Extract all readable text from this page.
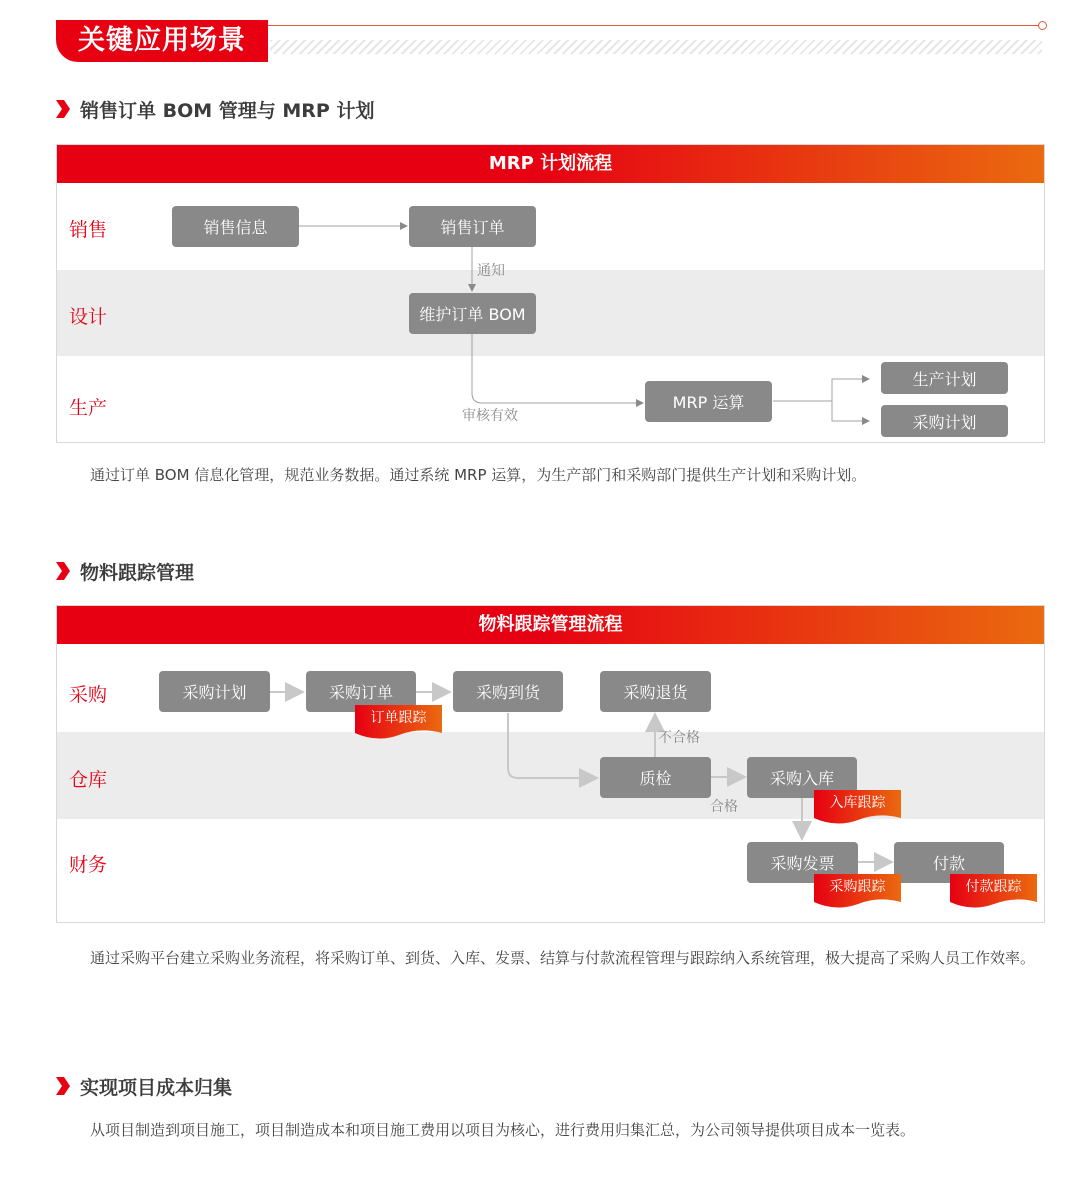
关键应用场景
销售订单 BOM 管理与 MRP 计划
MRP 计划流程
销售
设计
生产
销售信息	销售订单
维护订单 BOM
MRP 运算
生产计划
采购计划
通知
审核有效
通过订单 BOM 信息化管理，规范业务数据。通过系统 MRP 运算，为生产部门和采购部门提供生产计划和采购计划。
物料跟踪管理
物料跟踪管理流程
采购
仓库
财务
采购计划	采购订单	采购到货	采购退货
质检	采购入库
采购发票	付款
订单跟踪
入库跟踪
采购跟踪	付款跟踪
不合格
合格
通过采购平台建立采购业务流程，将采购订单、到货、入库、发票、结算与付款流程管理与跟踪纳入系统管理，极大提高了采购人员工作效率。
实现项目成本归集
从项目制造到项目施工，项目制造成本和项目施工费用以项目为核心，进行费用归集汇总，为公司领导提供项目成本一览表。
